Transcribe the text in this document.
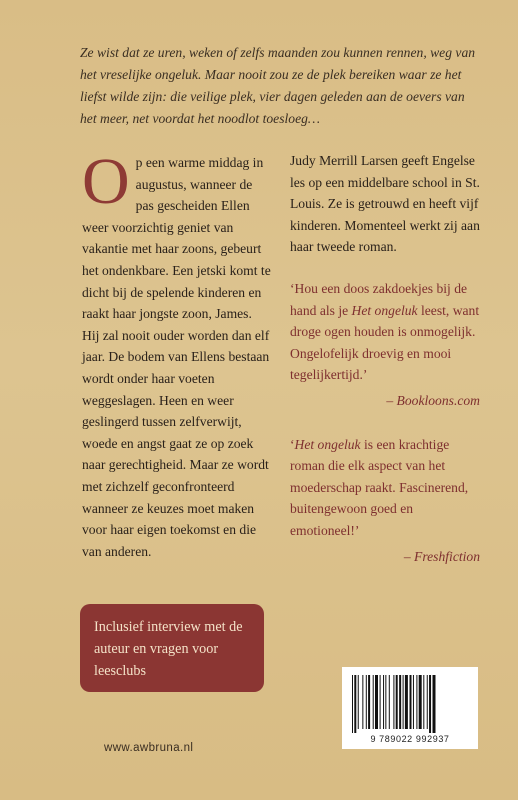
Ze wist dat ze uren, weken of zelfs maanden zou kunnen rennen, weg van het vreselijke ongeluk. Maar nooit zou ze de plek bereiken waar ze het liefst wilde zijn: die veilige plek, vier dagen geleden aan de oevers van het meer, net voordat het noodlot toesloeg…

Op een warme middag in augustus, wanneer de pas gescheiden Ellen weer voorzichtig geniet van vakantie met haar zoons, gebeurt het ondenkbare. Een jetski komt te dicht bij de spelende kinderen en raakt haar jongste zoon, James. Hij zal nooit ouder worden dan elf jaar. De bodem van Ellens bestaan wordt onder haar voeten weggeslagen. Heen en weer geslingerd tussen zelfverwijt, woede en angst gaat ze op zoek naar gerechtigheid. Maar ze wordt met zichzelf geconfronteerd wanneer ze keuzes moet maken voor haar eigen toekomst en die van anderen.

Judy Merrill Larsen geeft Engelse les op een middelbare school in St. Louis. Ze is getrouwd en heeft vijf kinderen. Momenteel werkt zij aan haar tweede roman.

‘Hou een doos zakdoekjes bij de hand als je Het ongeluk leest, want droge ogen houden is onmogelijk. Ongelofelijk droevig en mooi tegelijkertijd.’

– Bookloons.com

‘Het ongeluk is een krachtige roman die elk aspect van het moederschap raakt. Fascinerend, buitengewoon goed en emotioneel!’

– Freshfiction

Inclusief interview met de auteur en vragen voor leesclubs
9 789022 992937
www.awbruna.nl
